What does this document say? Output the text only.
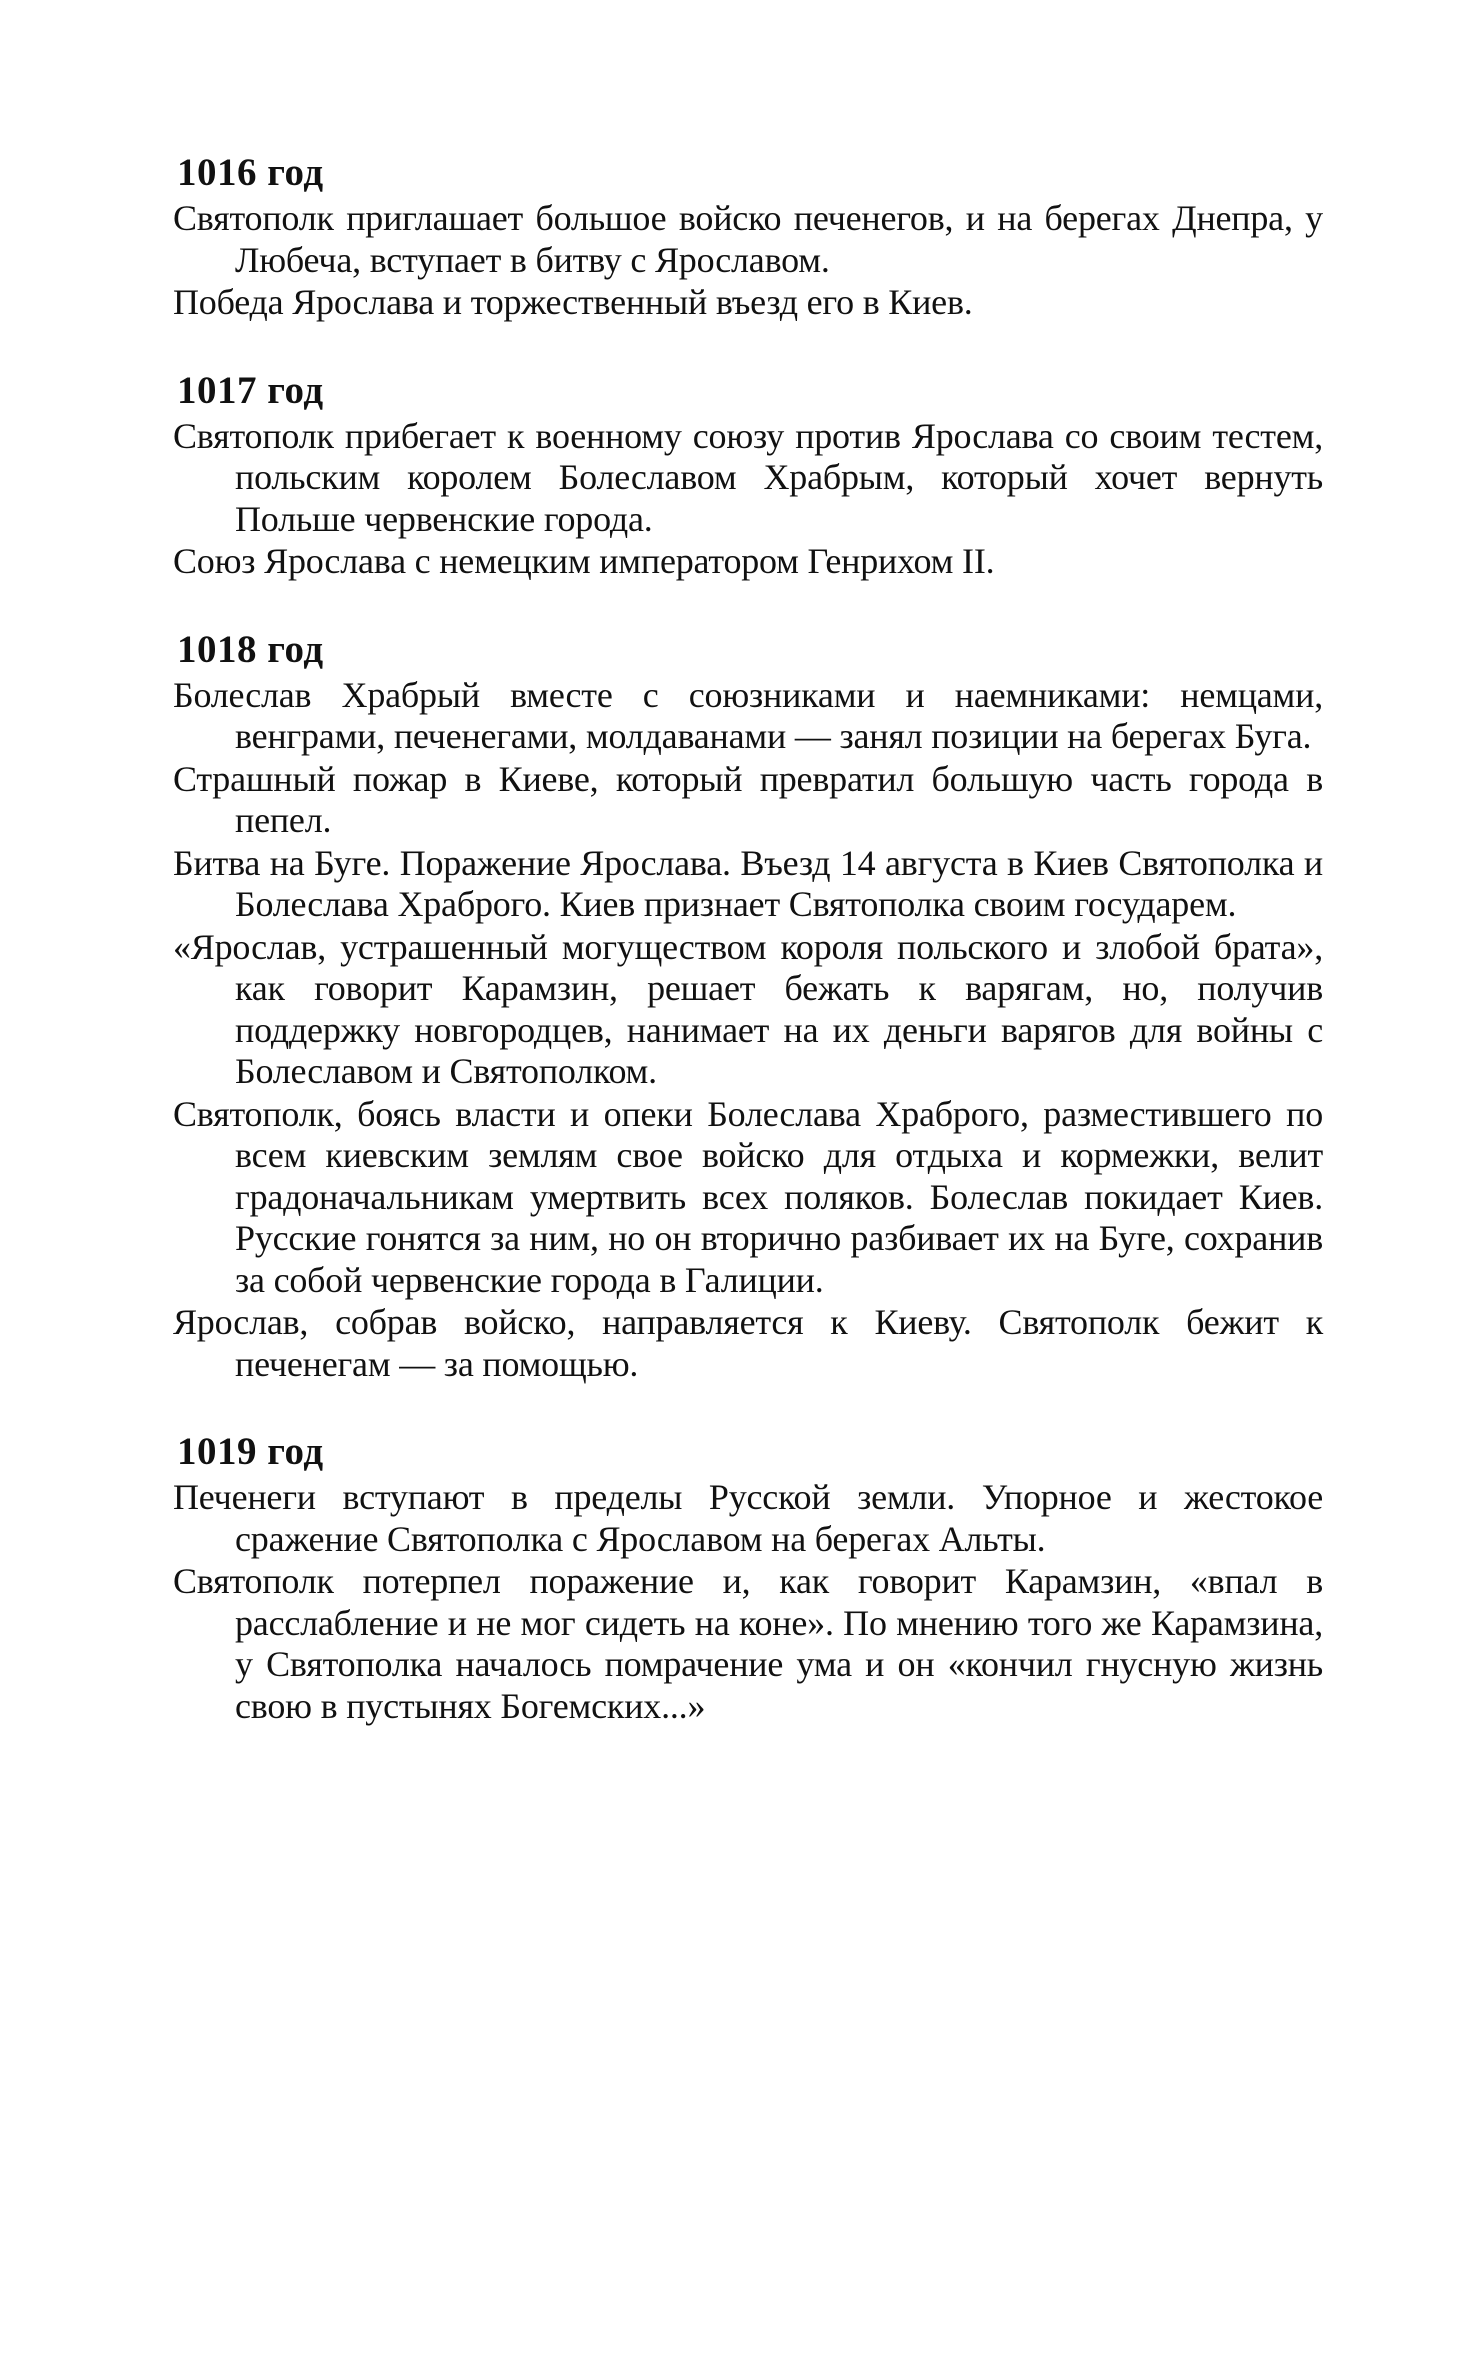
1016 год

Святополк приглашает большое войско печенегов, и на берегах Днепра, у Любеча, вступает в битву с Ярославом.

Победа Ярослава и торжественный въезд его в Киев.

1017 год

Святополк прибегает к военному союзу против Ярослава со своим тестем, польским королем Болеславом Храбрым, который хочет вернуть Польше червенские города.

Союз Ярослава с немецким императором Генрихом II.

1018 год

Болеслав Храбрый вместе с союзниками и наемниками: немцами, венграми, печенегами, молдаванами — занял позиции на берегах Буга.

Страшный пожар в Киеве, который превратил большую часть города в пепел.

Битва на Буге. Поражение Ярослава. Въезд 14 августа в Киев Святополка и Болеслава Храброго. Киев признает Святополка своим государем.

«Ярослав, устрашенный могуществом короля польского и злобой брата», как говорит Карамзин, решает бежать к варягам, но, получив поддержку новгородцев, нанимает на их деньги варягов для войны с Болеславом и Святополком.

Святополк, боясь власти и опеки Болеслава Храброго, разместившего по всем киевским землям свое войско для отдыха и кормежки, велит градоначальникам умертвить всех поляков. Болеслав покидает Киев. Русские гонятся за ним, но он вторично разбивает их на Буге, сохранив за собой червенские города в Галиции.

Ярослав, собрав войско, направляется к Киеву. Святополк бежит к печенегам — за помощью.

1019 год

Печенеги вступают в пределы Русской земли. Упорное и жестокое сражение Святополка с Ярославом на берегах Альты.

Святополк потерпел поражение и, как говорит Карамзин, «впал в расслабление и не мог сидеть на коне». По мнению того же Карамзина, у Святополка началось помрачение ума и он «кончил гнусную жизнь свою в пустынях Богемских...»
